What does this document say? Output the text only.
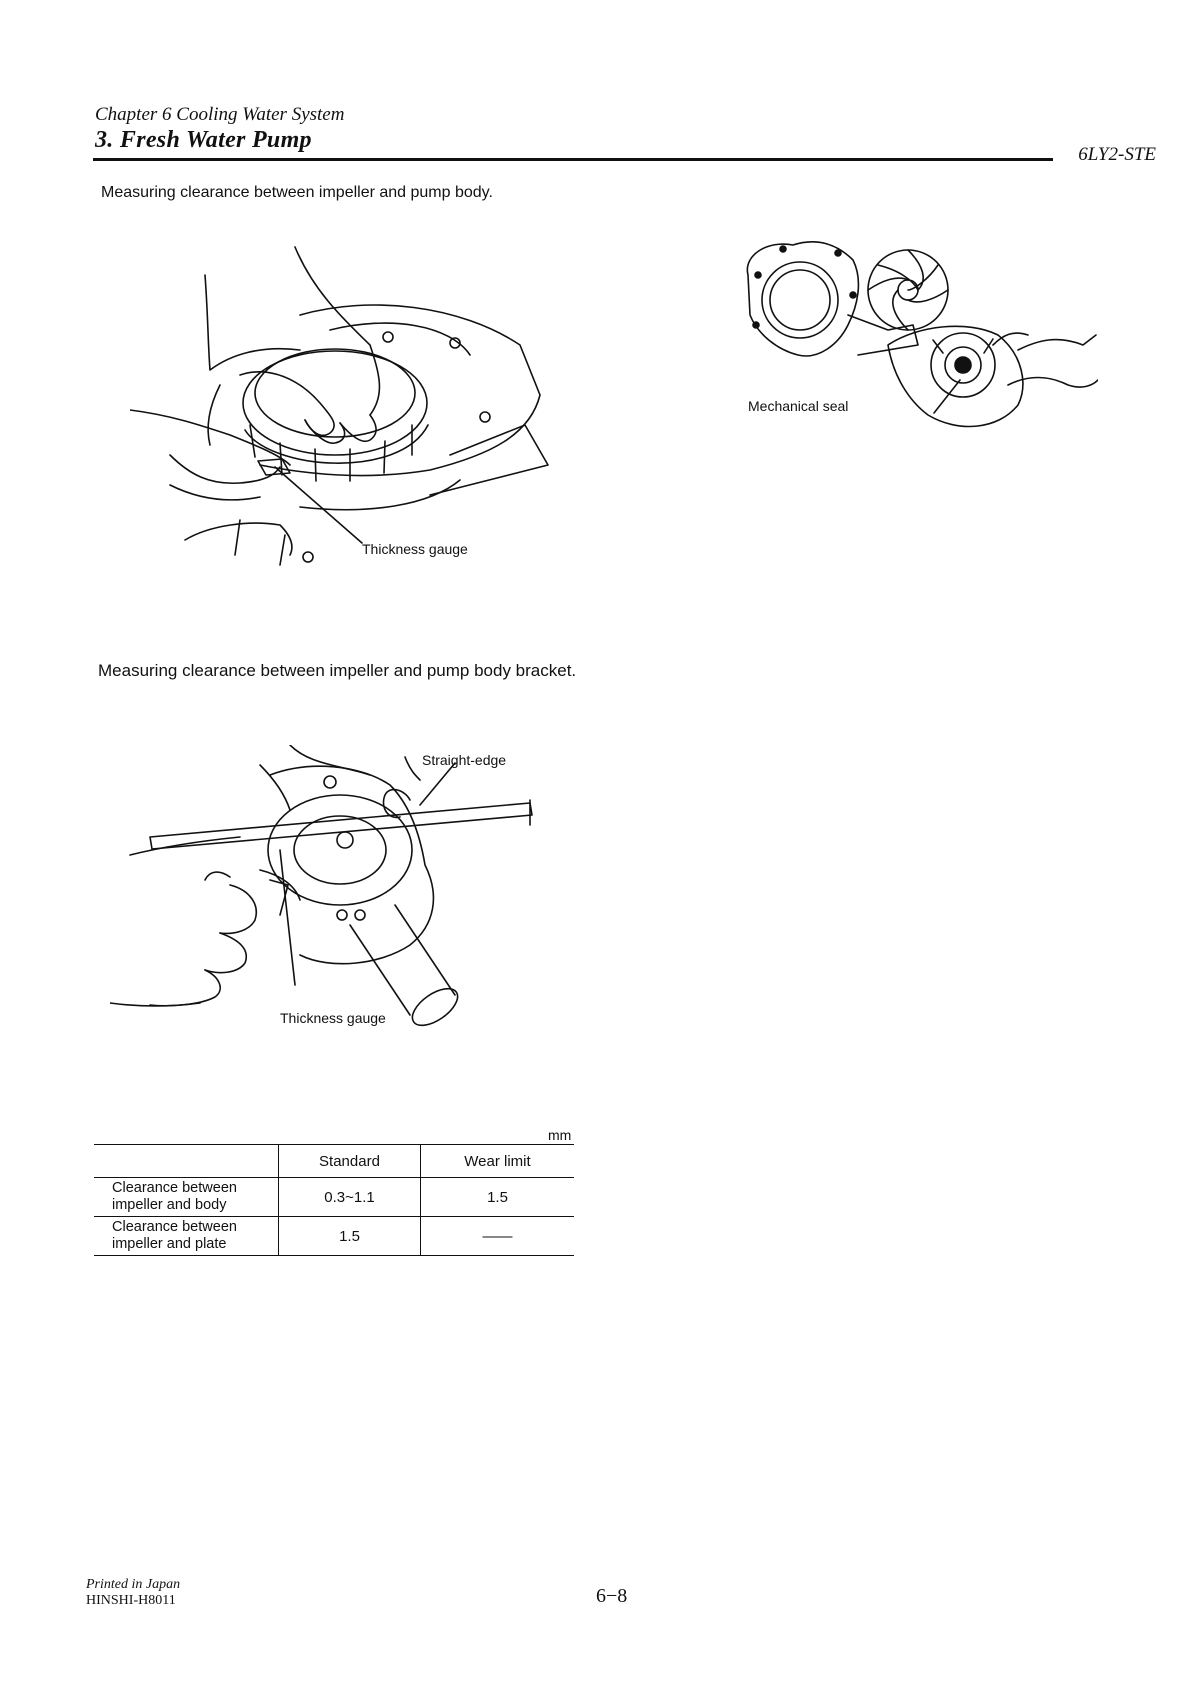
Chapter 6 Cooling Water System
3. Fresh Water Pump
6LY2-STE
Measuring clearance between impeller and pump body.
Thickness gauge
Mechanical seal
Measuring clearance between impeller and pump body bracket.
Straight-edge
Thickness gauge
mm
	Standard	Wear limit
Clearance between impeller and body	0.3~1.1	1.5
Clearance between impeller and plate	1.5	——
Printed in Japan
HINSHI-H8011	6−8
